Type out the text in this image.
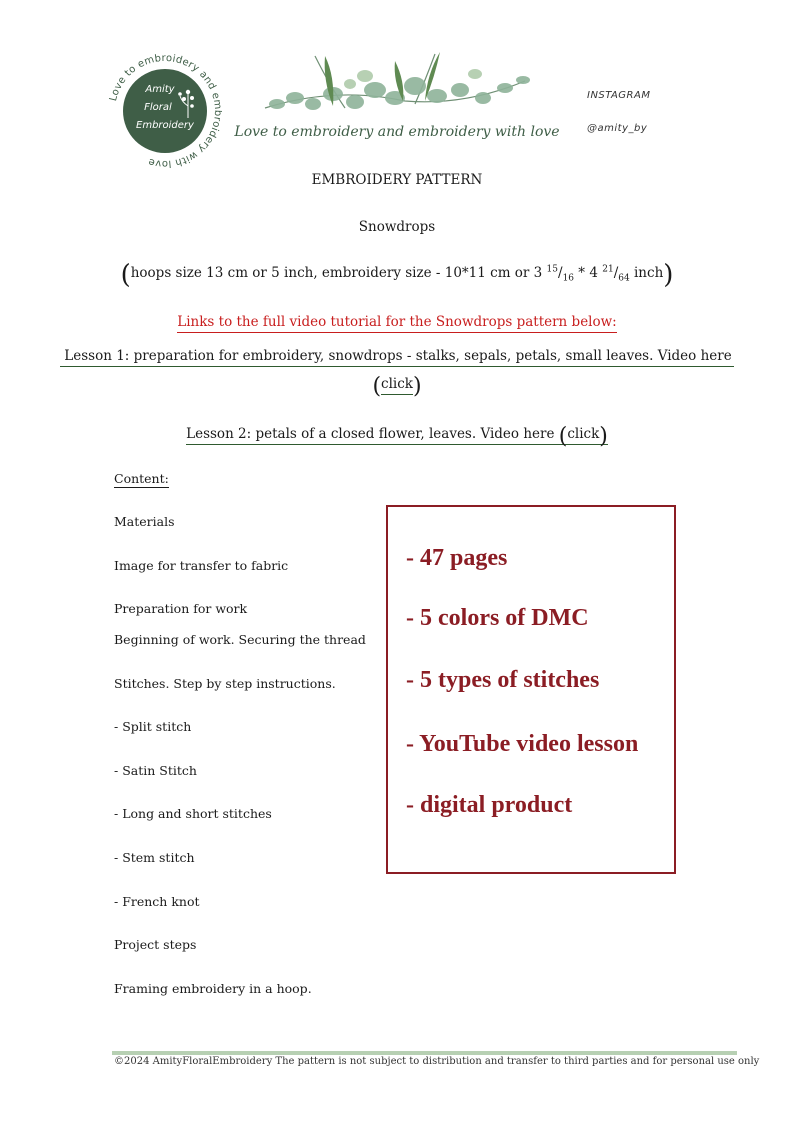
Love to embroidery and embroidery with love
Amity
Floral
Embroidery	Love to embroidery and embroidery with love
INSTAGRAM
@amity_by
EMBROIDERY PATTERN
Snowdrops
(hoops size 13 cm or 5 inch, embroidery size - 10*11 cm or 3 $^{15}/_{16} * 4$ $^{21}/_{64}$ inch)
Links to the full video tutorial for the Snowdrops pattern below:
Lesson 1: preparation for embroidery, snowdrops - stalks, sepals, petals, small leaves. Video here
(click)
Lesson 2: petals of a closed flower, leaves. Video here (click)
Content:
Materials
Image for transfer to fabric
Preparation for work
Beginning of work. Securing the thread
Stitches. Step by step instructions.
- Split stitch
- Satin Stitch
- Long and short stitches
- Stem stitch
- French knot
Project steps
Framing embroidery in a hoop.
- 47 pages
- 5 colors of DMC
- 5 types of stitches
- YouTube video lesson
- digital product
©2024 AmityFloralEmbroidery The pattern is not subject to distribution and transfer to third parties and for personal use only
